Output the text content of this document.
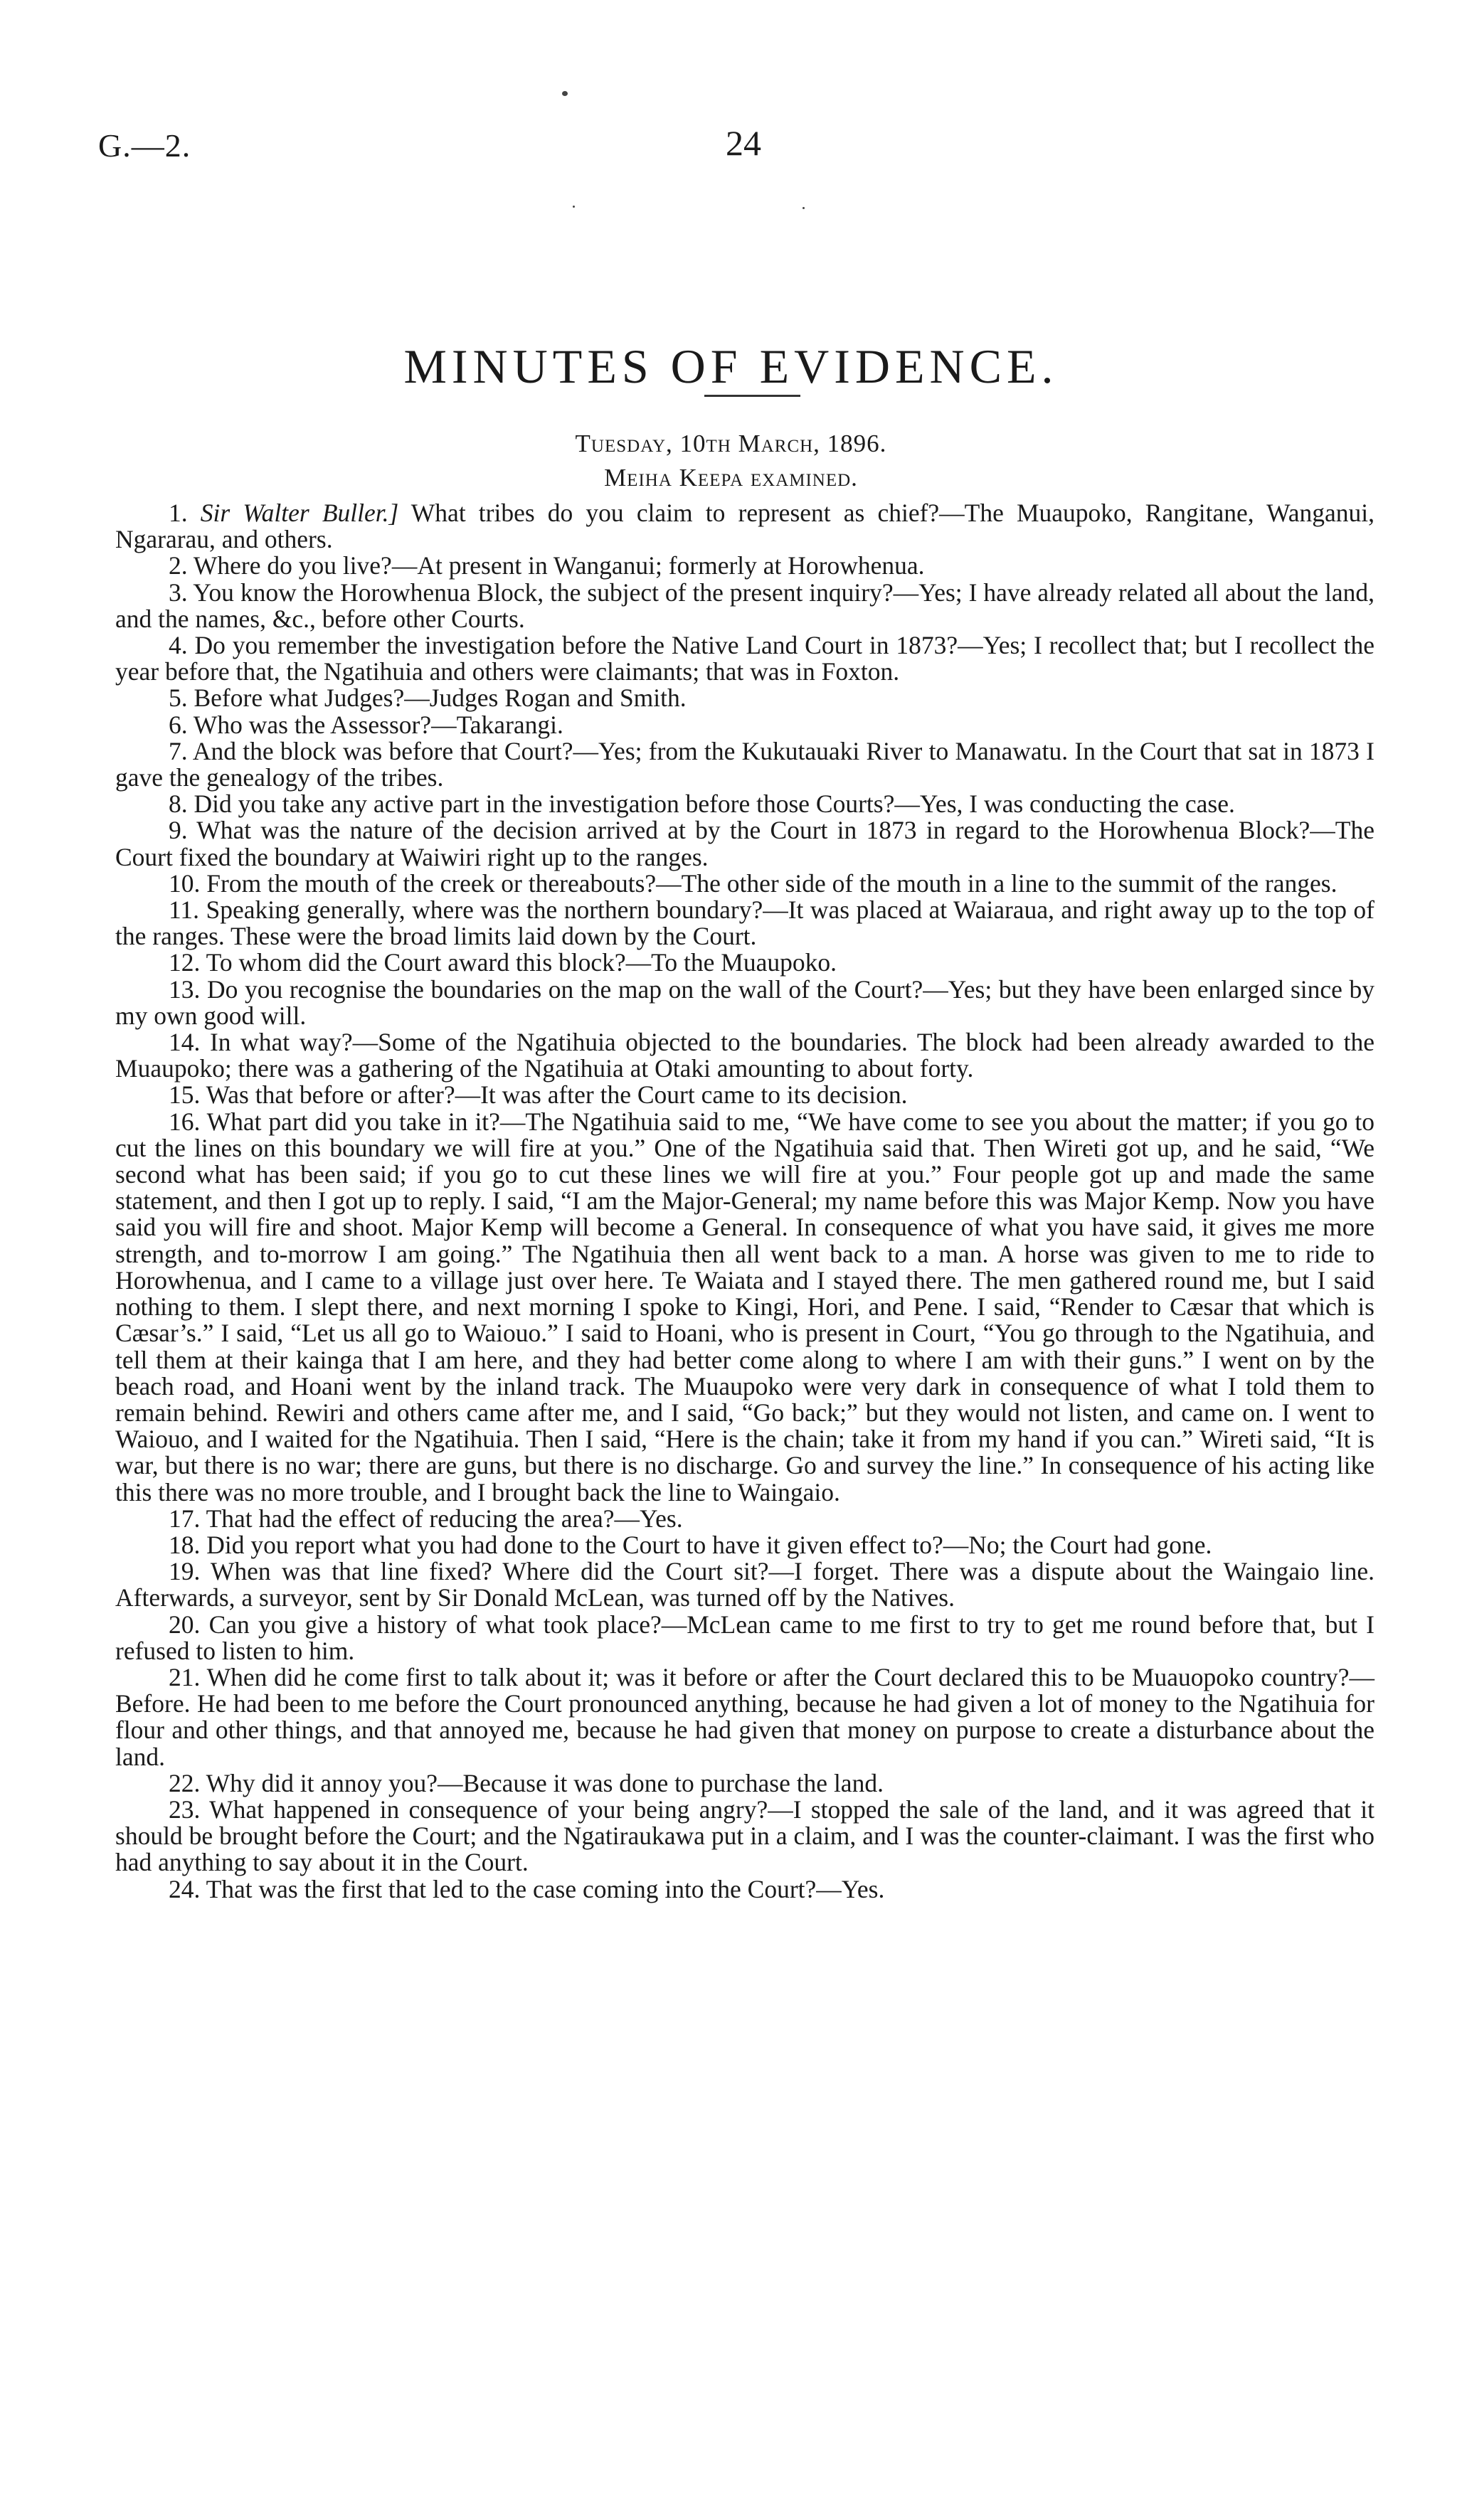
G.—2.	24
MINUTES OF EVIDENCE.
Tuesday, 10th March, 1896.
Meiha Keepa examined.

1. Sir Walter Buller.] What tribes do you claim to represent as chief?—The Muaupoko, Rangitane, Wanganui, Ngararau, and others.

2. Where do you live?—At present in Wanganui; formerly at Horowhenua.

3. You know the Horowhenua Block, the subject of the present inquiry?—Yes; I have already related all about the land, and the names, &c., before other Courts.

4. Do you remember the investigation before the Native Land Court in 1873?—Yes; I recollect that; but I recollect the year before that, the Ngatihuia and others were claimants; that was in Foxton.

5. Before what Judges?—Judges Rogan and Smith.

6. Who was the Assessor?—Takarangi.

7. And the block was before that Court?—Yes; from the Kukutauaki River to Manawatu. In the Court that sat in 1873 I gave the genealogy of the tribes.

8. Did you take any active part in the investigation before those Courts?—Yes, I was conducting the case.

9. What was the nature of the decision arrived at by the Court in 1873 in regard to the Horowhenua Block?—The Court fixed the boundary at Waiwiri right up to the ranges.

10. From the mouth of the creek or thereabouts?—The other side of the mouth in a line to the summit of the ranges.

11. Speaking generally, where was the northern boundary?—It was placed at Waiaraua, and right away up to the top of the ranges. These were the broad limits laid down by the Court.

12. To whom did the Court award this block?—To the Muaupoko.

13. Do you recognise the boundaries on the map on the wall of the Court?—Yes; but they have been enlarged since by my own good will.

14. In what way?—Some of the Ngatihuia objected to the boundaries. The block had been already awarded to the Muaupoko; there was a gathering of the Ngatihuia at Otaki amounting to about forty.

15. Was that before or after?—It was after the Court came to its decision.

16. What part did you take in it?—The Ngatihuia said to me, “We have come to see you about the matter; if you go to cut the lines on this boundary we will fire at you.” One of the Ngatihuia said that. Then Wireti got up, and he said, “We second what has been said; if you go to cut these lines we will fire at you.” Four people got up and made the same statement, and then I got up to reply. I said, “I am the Major-General; my name before this was Major Kemp. Now you have said you will fire and shoot. Major Kemp will become a General. In consequence of what you have said, it gives me more strength, and to-morrow I am going.” The Ngatihuia then all went back to a man. A horse was given to me to ride to Horowhenua, and I came to a village just over here. Te Waiata and I stayed there. The men gathered round me, but I said nothing to them. I slept there, and next morning I spoke to Kingi, Hori, and Pene. I said, “Render to Cæsar that which is Cæsar’s.” I said, “Let us all go to Waiouo.” I said to Hoani, who is present in Court, “You go through to the Ngatihuia, and tell them at their kainga that I am here, and they had better come along to where I am with their guns.” I went on by the beach road, and Hoani went by the inland track. The Muaupoko were very dark in consequence of what I told them to remain behind. Rewiri and others came after me, and I said, “Go back;” but they would not listen, and came on. I went to Waiouo, and I waited for the Ngatihuia. Then I said, “Here is the chain; take it from my hand if you can.” Wireti said, “It is war, but there is no war; there are guns, but there is no discharge. Go and survey the line.” In consequence of his acting like this there was no more trouble, and I brought back the line to Waingaio.

17. That had the effect of reducing the area?—Yes.

18. Did you report what you had done to the Court to have it given effect to?—No; the Court had gone.

19. When was that line fixed? Where did the Court sit?—I forget. There was a dispute about the Waingaio line. Afterwards, a surveyor, sent by Sir Donald McLean, was turned off by the Natives.

20. Can you give a history of what took place?—McLean came to me first to try to get me round before that, but I refused to listen to him.

21. When did he come first to talk about it; was it before or after the Court declared this to be Muauopoko country?—Before. He had been to me before the Court pronounced anything, because he had given a lot of money to the Ngatihuia for flour and other things, and that annoyed me, because he had given that money on purpose to create a disturbance about the land.

22. Why did it annoy you?—Because it was done to purchase the land.

23. What happened in consequence of your being angry?—I stopped the sale of the land, and it was agreed that it should be brought before the Court; and the Ngatiraukawa put in a claim, and I was the counter-claimant. I was the first who had anything to say about it in the Court.

24. That was the first that led to the case coming into the Court?—Yes.
